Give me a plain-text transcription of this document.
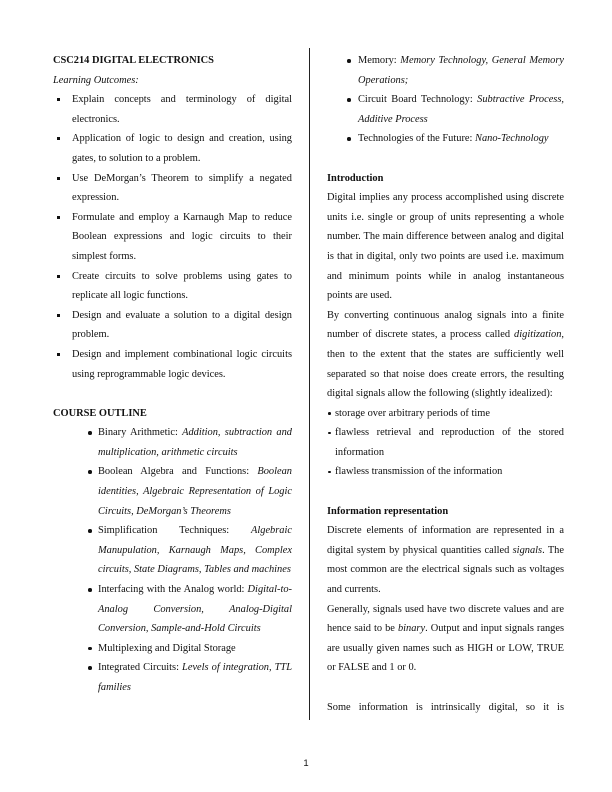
CSC214 DIGITAL ELECTRONICS

Learning Outcomes:

Explain concepts and terminology of digital electronics.
Application of logic to design and creation, using gates, to solution to a problem.
Use DeMorgan’s Theorem to simplify a negated expression.
Formulate and employ a Karnaugh Map to reduce Boolean expressions and logic circuits to their simplest forms.
Create circuits to solve problems using gates to replicate all logic functions.
Design and evaluate a solution to a digital design problem.
Design and implement combinational logic circuits using reprogrammable logic devices.

COURSE OUTLINE

Binary Arithmetic: Addition, subtraction and multiplication, arithmetic circuits
Boolean Algebra and Functions: Boolean identities, Algebraic Representation of Logic Circuits, DeMorgan’s Theorems
Simplification Techniques: Algebraic Manupulation, Karnaugh Maps, Complex circuits, State Diagrams, Tables and machines
Interfacing with the Analog world: Digital-to-Analog Conversion, Analog-Digital Conversion, Sample-and-Hold Circuits
Multiplexing and Digital Storage
Integrated Circuits: Levels of integration, TTL families
Memory: Memory Technology, General Memory Operations;
Circuit Board Technology: Subtractive Process, Additive Process
Technologies of the Future: Nano-Technology

Introduction

Digital implies any process accomplished using discrete units i.e. single or group of units representing a whole number. The main difference between analog and digital is that in digital, only two points are used i.e. maximum and minimum points while in analog instantaneous points are used.

By converting continuous analog signals into a finite number of discrete states, a process called digitization, then to the extent that the states are sufficiently well separated so that noise does create errors, the resulting digital signals allow the following (slightly idealized):

storage over arbitrary periods of time
flawless retrieval and reproduction of the stored information
flawless transmission of the information

Information representation

Discrete elements of information are represented in a digital system by physical quantities called signals. The most common are the electrical signals such as voltages and currents.

Generally, signals used have two discrete values and are hence said to be binary. Output and input signals ranges are usually given names such as HIGH or LOW, TRUE or FALSE and 1 or 0.

Some information is intrinsically digital, so it is

1
